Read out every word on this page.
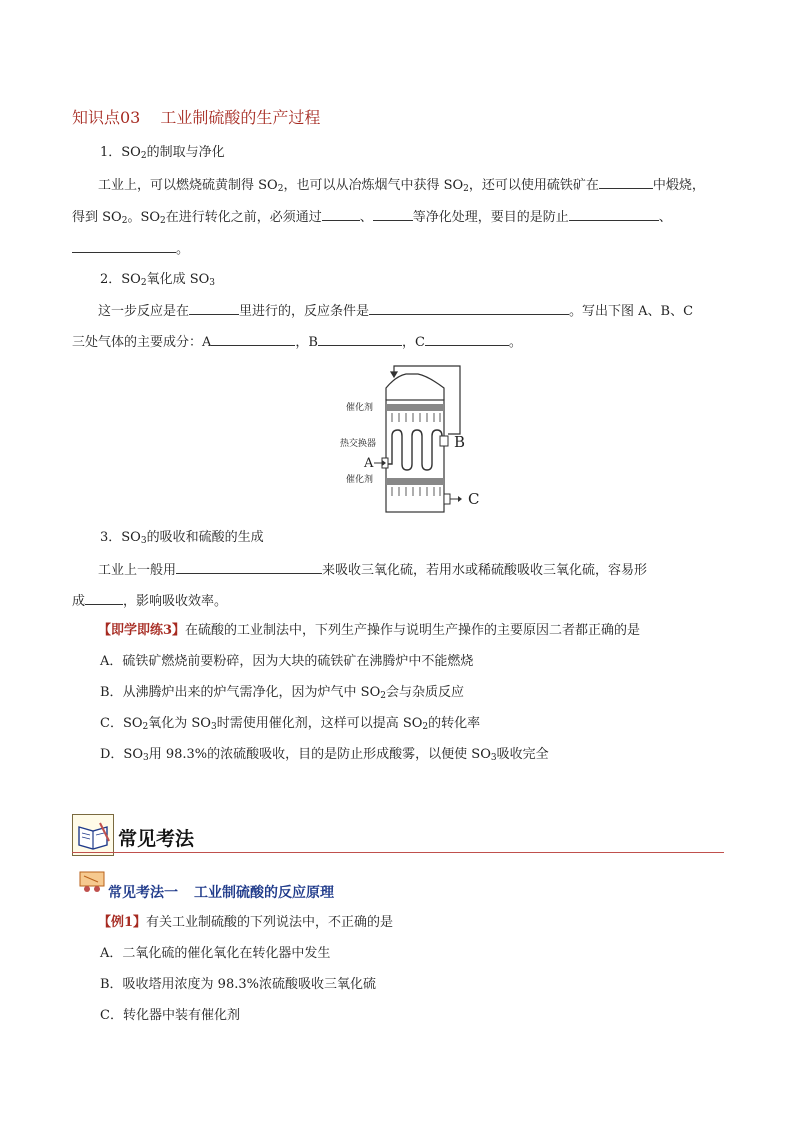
知识点03 工业制硫酸的生产过程
1．$SO_2$的制取与净化
工业上，可以燃烧硫黄制得 $SO_2$，也可以从冶炼烟气中获得 $SO_2$，还可以使用硫铁矿在	中煅烧，
得到 $SO_2$。$SO_2$在进行转化之前，必须通过	、	等净化处理，要目的是防止	、
。
2．$SO_2$氧化成 $SO_3$
这一步反应是在	里进行的，反应条件是	。写出下图 A、B、C
三处气体的主要成分：A	，B	，C	。
催化剂
热交换器
A
催化剂
B
C
3．$SO_3$的吸收和硫酸的生成
工业上一般用	来吸收三氧化硫，若用水或稀硫酸吸收三氧化硫，容易形
成	，影响吸收效率。
【即学即练3】在硫酸的工业制法中，下列生产操作与说明生产操作的主要原因二者都正确的是
A．硫铁矿燃烧前要粉碎，因为大块的硫铁矿在沸腾炉中不能燃烧
B．从沸腾炉出来的炉气需净化，因为炉气中 $SO_2$会与杂质反应
C．$SO_2$氧化为 $SO_3$时需使用催化剂，这样可以提高 $SO_2$的转化率
D．$SO_3$用 98.3%的浓硫酸吸收，目的是防止形成酸雾，以便使 $SO_3$吸收完全
常见考法
常见考法一 工业制硫酸的反应原理
【例1】有关工业制硫酸的下列说法中，不正确的是
A．二氧化硫的催化氧化在转化器中发生
B．吸收塔用浓度为 98.3%浓硫酸吸收三氧化硫
C．转化器中装有催化剂
